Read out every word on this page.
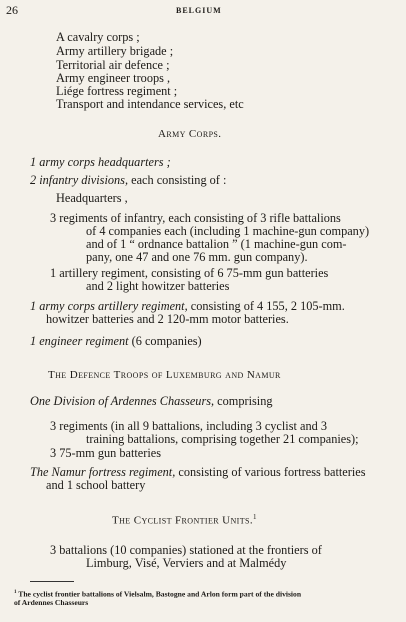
26	BELGIUM
A cavalry corps ;
Army artillery brigade ;
Territorial air defence ;
Army engineer troops ,
Liége fortress regiment ;
Transport and intendance services, etc
Army Corps.
1 army corps headquarters ;
2 infantry divisions, each consisting of :
Headquarters ,
3 regiments of infantry, each consisting of 3 rifle battalions
of 4 companies each (including 1 machine-gun company)
and of 1 “ ordnance battalion ” (1 machine-gun com-
pany, one 47 and one 76 mm. gun company).
1 artillery regiment, consisting of 6 75-mm gun batteries
and 2 light howitzer batteries
1 army corps artillery regiment, consisting of 4 155, 2 105-mm.
howitzer batteries and 2 120-mm motor batteries.
1 engineer regiment (6 companies)
The Defence Troops of Luxemburg and Namur
One Division of Ardennes Chasseurs, comprising
3 regiments (in all 9 battalions, including 3 cyclist and 3
training battalions, comprising together 21 companies);
3 75-mm gun batteries
The Namur fortress regiment, consisting of various fortress batteries
and 1 school battery
The Cyclist Frontier Units.$^1$
3 battalions (10 companies) stationed at the frontiers of
Limburg, Visé, Verviers and at Malmédy
$^1$ The cyclist frontier battalions of Vielsalm, Bastogne and Arlon form part of the division
of Ardennes Chasseurs
